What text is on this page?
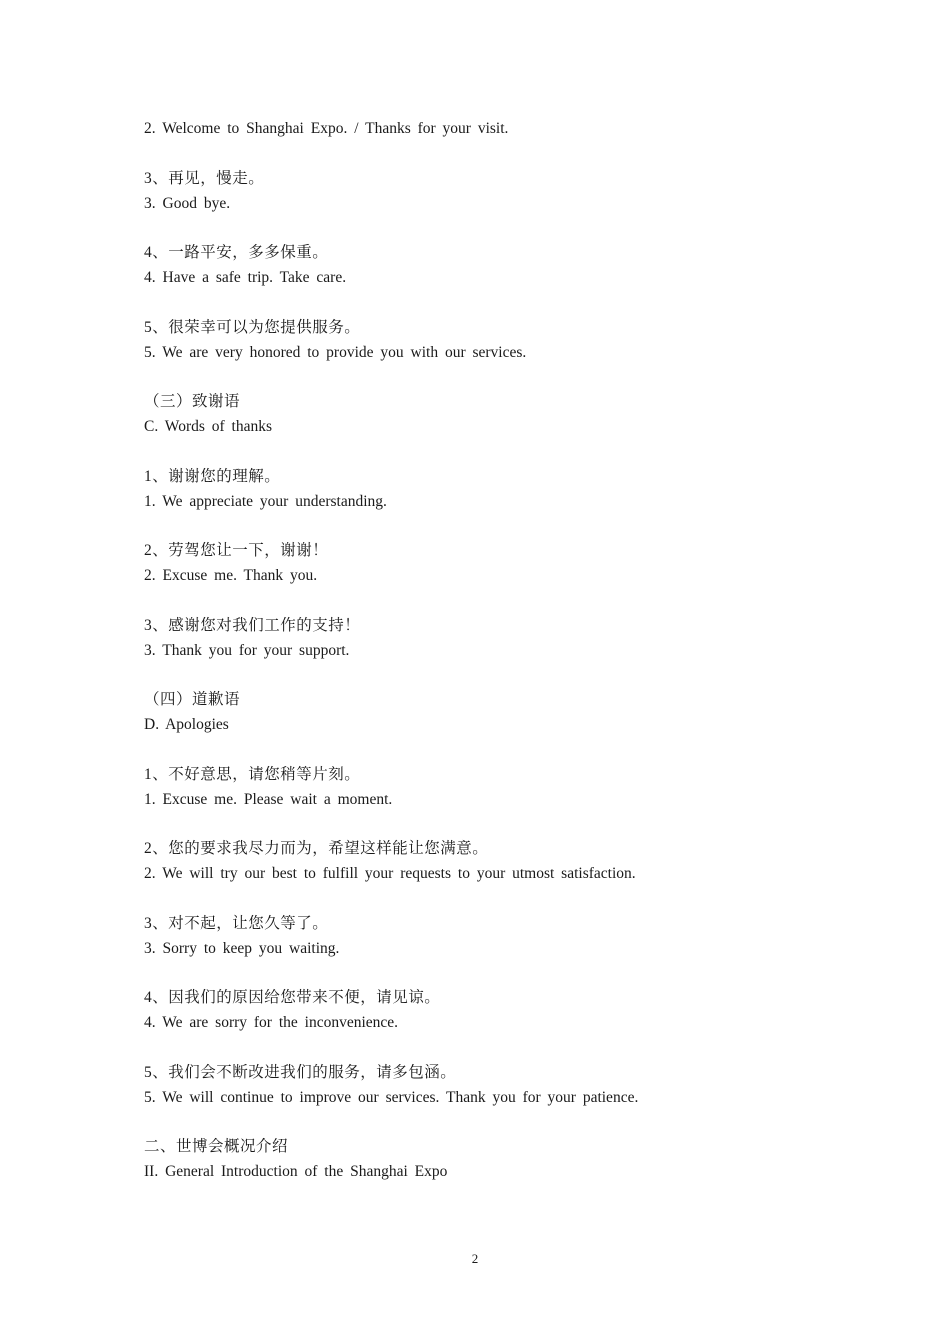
2. Welcome to Shanghai Expo. / Thanks for your visit.
3、再见，慢走。
3. Good bye.
4、一路平安，多多保重。
4. Have a safe trip. Take care.
5、很荣幸可以为您提供服务。
5. We are very honored to provide you with our services.
（三）致谢语
C. Words of thanks
1、谢谢您的理解。
1. We appreciate your understanding.
2、劳驾您让一下，谢谢！
2. Excuse me. Thank you.
3、感谢您对我们工作的支持！
3. Thank you for your support.
（四）道歉语
D. Apologies
1、不好意思，请您稍等片刻。
1. Excuse me. Please wait a moment.
2、您的要求我尽力而为，希望这样能让您满意。
2. We will try our best to fulfill your requests to your utmost satisfaction.
3、对不起，让您久等了。
3. Sorry to keep you waiting.
4、因我们的原因给您带来不便，请见谅。
4. We are sorry for the inconvenience.
5、我们会不断改进我们的服务，请多包涵。
5. We will continue to improve our services. Thank you for your patience.
二、世博会概况介绍
II. General Introduction of the Shanghai Expo
2
